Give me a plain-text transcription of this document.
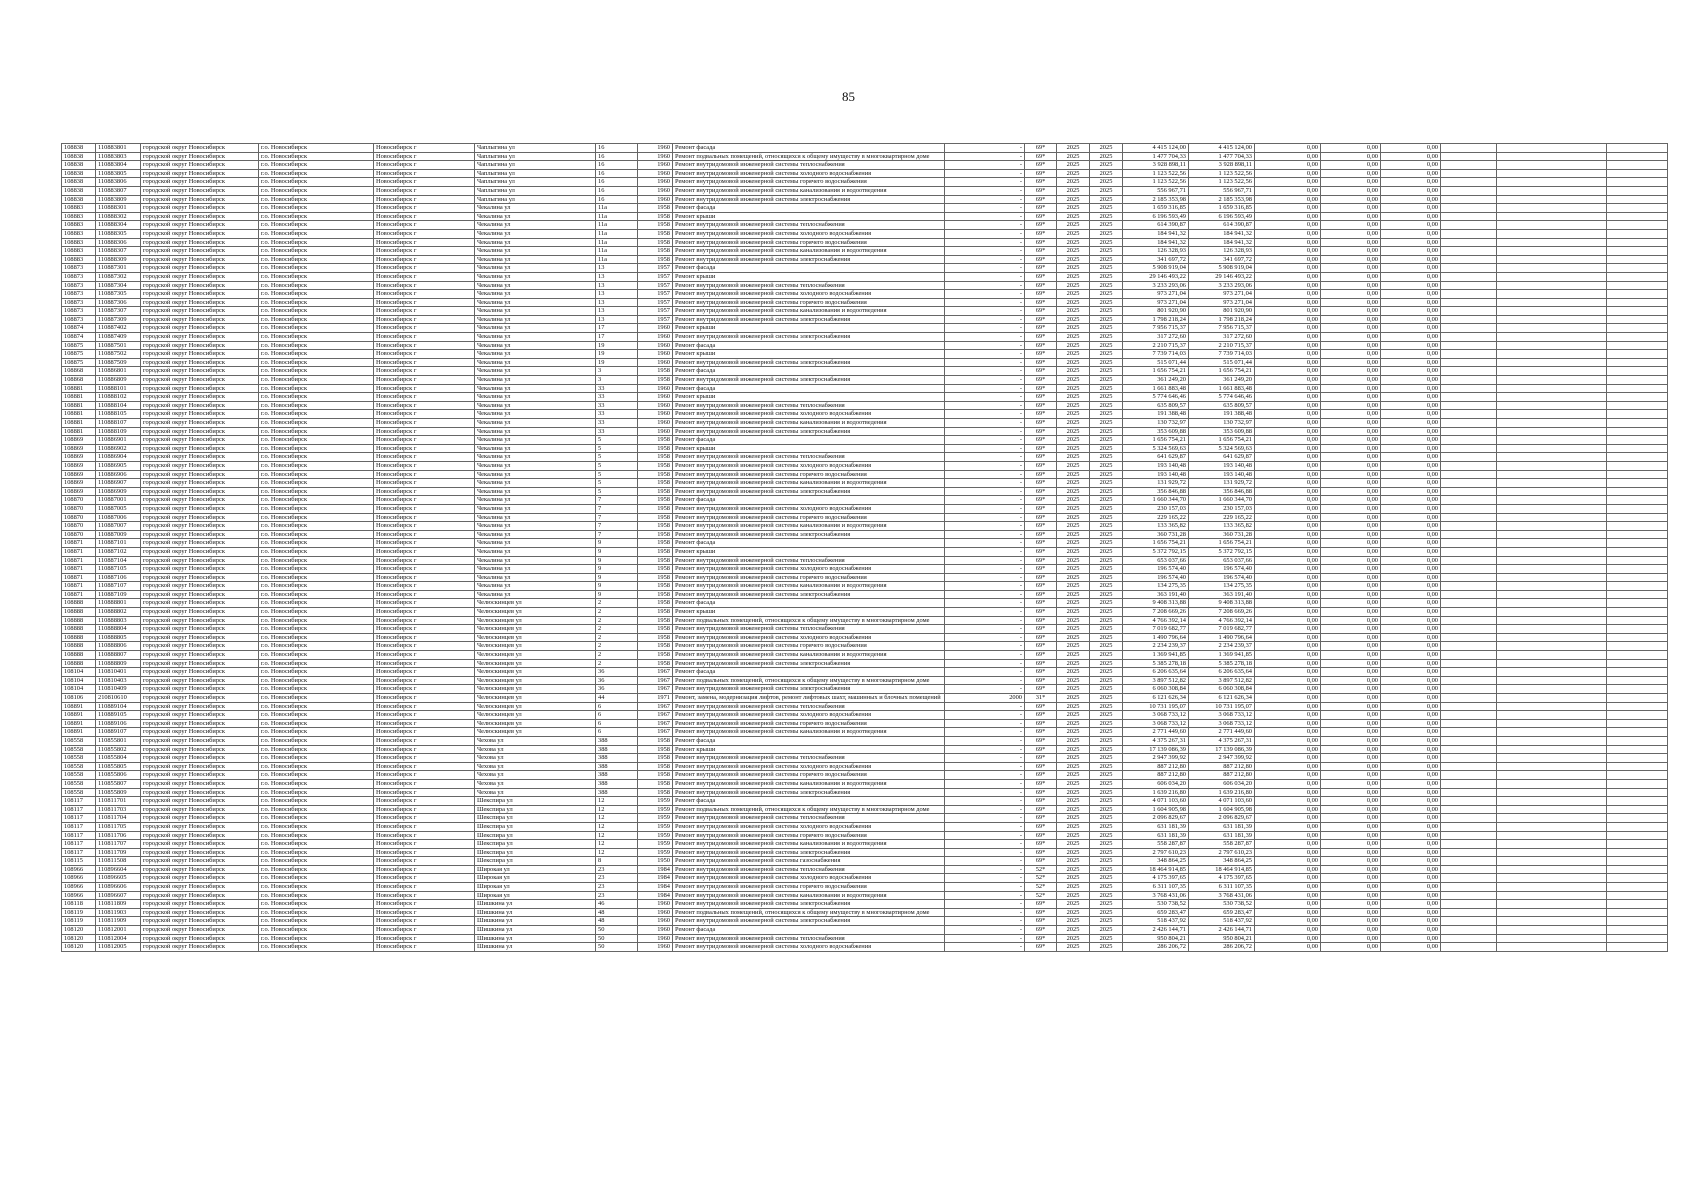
85
108838	110883801	городской округ Новосибирск	г.о. Новосибирск	Новосибирск г	Чаплыгина ул	16	1960	Ремонт фасада	-	69*	2025	2025	4 415 124,00	4 415 124,00	0,00	0,00	0,00			
108838	110883803	городской округ Новосибирск	г.о. Новосибирск	Новосибирск г	Чаплыгина ул	16	1960	Ремонт подвальных помещений, относящихся к общему имуществу в многоквартирном доме	-	69*	2025	2025	1 477 704,33	1 477 704,33	0,00	0,00	0,00			
108838	110883804	городской округ Новосибирск	г.о. Новосибирск	Новосибирск г	Чаплыгина ул	16	1960	Ремонт внутридомовой инженерной системы теплоснабжения	-	69*	2025	2025	3 928 898,11	3 928 898,11	0,00	0,00	0,00			
108838	110883805	городской округ Новосибирск	г.о. Новосибирск	Новосибирск г	Чаплыгина ул	16	1960	Ремонт внутридомовой инженерной системы холодного водоснабжения	-	69*	2025	2025	1 123 522,56	1 123 522,56	0,00	0,00	0,00			
108838	110883806	городской округ Новосибирск	г.о. Новосибирск	Новосибирск г	Чаплыгина ул	16	1960	Ремонт внутридомовой инженерной системы горячего водоснабжения	-	69*	2025	2025	1 123 522,56	1 123 522,56	0,00	0,00	0,00			
108838	110883807	городской округ Новосибирск	г.о. Новосибирск	Новосибирск г	Чаплыгина ул	16	1960	Ремонт внутридомовой инженерной системы канализования и водоотведения	-	69*	2025	2025	556 967,71	556 967,71	0,00	0,00	0,00			
108838	110883809	городской округ Новосибирск	г.о. Новосибирск	Новосибирск г	Чаплыгина ул	16	1960	Ремонт внутридомовой инженерной системы электроснабжения	-	69*	2025	2025	2 185 353,98	2 185 353,98	0,00	0,00	0,00			
108883	110888301	городской округ Новосибирск	г.о. Новосибирск	Новосибирск г	Чекалина ул	11а	1958	Ремонт фасада	-	69*	2025	2025	1 659 316,85	1 659 316,85	0,00	0,00	0,00			
108883	110888302	городской округ Новосибирск	г.о. Новосибирск	Новосибирск г	Чекалина ул	11а	1958	Ремонт крыши	-	69*	2025	2025	6 196 593,49	6 196 593,49	0,00	0,00	0,00			
108883	110888304	городской округ Новосибирск	г.о. Новосибирск	Новосибирск г	Чекалина ул	11а	1958	Ремонт внутридомовой инженерной системы теплоснабжения	-	69*	2025	2025	614 390,87	614 390,87	0,00	0,00	0,00			
108883	110888305	городской округ Новосибирск	г.о. Новосибирск	Новосибирск г	Чекалина ул	11а	1958	Ремонт внутридомовой инженерной системы холодного водоснабжения	-	69*	2025	2025	184 941,32	184 941,32	0,00	0,00	0,00			
108883	110888306	городской округ Новосибирск	г.о. Новосибирск	Новосибирск г	Чекалина ул	11а	1958	Ремонт внутридомовой инженерной системы горячего водоснабжения	-	69*	2025	2025	184 941,32	184 941,32	0,00	0,00	0,00			
108883	110888307	городской округ Новосибирск	г.о. Новосибирск	Новосибирск г	Чекалина ул	11а	1958	Ремонт внутридомовой инженерной системы канализования и водоотведения	-	69*	2025	2025	126 328,93	126 328,93	0,00	0,00	0,00			
108883	110888309	городской округ Новосибирск	г.о. Новосибирск	Новосибирск г	Чекалина ул	11а	1958	Ремонт внутридомовой инженерной системы электроснабжения	-	69*	2025	2025	341 697,72	341 697,72	0,00	0,00	0,00			
108873	110887301	городской округ Новосибирск	г.о. Новосибирск	Новосибирск г	Чекалина ул	13	1957	Ремонт фасада	-	69*	2025	2025	5 908 919,04	5 908 919,04	0,00	0,00	0,00			
108873	110887302	городской округ Новосибирск	г.о. Новосибирск	Новосибирск г	Чекалина ул	13	1957	Ремонт крыши	-	69*	2025	2025	29 146 493,22	29 146 493,22	0,00	0,00	0,00			
108873	110887304	городской округ Новосибирск	г.о. Новосибирск	Новосибирск г	Чекалина ул	13	1957	Ремонт внутридомовой инженерной системы теплоснабжения	-	69*	2025	2025	3 233 293,06	3 233 293,06	0,00	0,00	0,00			
108873	110887305	городской округ Новосибирск	г.о. Новосибирск	Новосибирск г	Чекалина ул	13	1957	Ремонт внутридомовой инженерной системы холодного водоснабжения	-	69*	2025	2025	973 271,04	973 271,04	0,00	0,00	0,00			
108873	110887306	городской округ Новосибирск	г.о. Новосибирск	Новосибирск г	Чекалина ул	13	1957	Ремонт внутридомовой инженерной системы горячего водоснабжения	-	69*	2025	2025	973 271,04	973 271,04	0,00	0,00	0,00			
108873	110887307	городской округ Новосибирск	г.о. Новосибирск	Новосибирск г	Чекалина ул	13	1957	Ремонт внутридомовой инженерной системы канализования и водоотведения	-	69*	2025	2025	801 920,90	801 920,90	0,00	0,00	0,00			
108873	110887309	городской округ Новосибирск	г.о. Новосибирск	Новосибирск г	Чекалина ул	13	1957	Ремонт внутридомовой инженерной системы электроснабжения	-	69*	2025	2025	1 798 218,24	1 798 218,24	0,00	0,00	0,00			
108874	110887402	городской округ Новосибирск	г.о. Новосибирск	Новосибирск г	Чекалина ул	17	1960	Ремонт крыши	-	69*	2025	2025	7 956 715,37	7 956 715,37	0,00	0,00	0,00			
108874	110887409	городской округ Новосибирск	г.о. Новосибирск	Новосибирск г	Чекалина ул	17	1960	Ремонт внутридомовой инженерной системы электроснабжения	-	69*	2025	2025	317 272,60	317 272,60	0,00	0,00	0,00			
108875	110887501	городской округ Новосибирск	г.о. Новосибирск	Новосибирск г	Чекалина ул	19	1960	Ремонт фасада	-	69*	2025	2025	2 210 715,37	2 210 715,37	0,00	0,00	0,00			
108875	110887502	городской округ Новосибирск	г.о. Новосибирск	Новосибирск г	Чекалина ул	19	1960	Ремонт крыши	-	69*	2025	2025	7 739 714,03	7 739 714,03	0,00	0,00	0,00			
108875	110887509	городской округ Новосибирск	г.о. Новосибирск	Новосибирск г	Чекалина ул	19	1960	Ремонт внутридомовой инженерной системы электроснабжения	-	69*	2025	2025	515 071,44	515 071,44	0,00	0,00	0,00			
108868	110886801	городской округ Новосибирск	г.о. Новосибирск	Новосибирск г	Чекалина ул	3	1958	Ремонт фасада	-	69*	2025	2025	1 656 754,21	1 656 754,21	0,00	0,00	0,00			
108868	110886809	городской округ Новосибирск	г.о. Новосибирск	Новосибирск г	Чекалина ул	3	1958	Ремонт внутридомовой инженерной системы электроснабжения	-	69*	2025	2025	361 249,20	361 249,20	0,00	0,00	0,00			
108881	110888101	городской округ Новосибирск	г.о. Новосибирск	Новосибирск г	Чекалина ул	33	1960	Ремонт фасада	-	69*	2025	2025	1 661 883,48	1 661 883,48	0,00	0,00	0,00			
108881	110888102	городской округ Новосибирск	г.о. Новосибирск	Новосибирск г	Чекалина ул	33	1960	Ремонт крыши	-	69*	2025	2025	5 774 646,46	5 774 646,46	0,00	0,00	0,00			
108881	110888104	городской округ Новосибирск	г.о. Новосибирск	Новосибирск г	Чекалина ул	33	1960	Ремонт внутридомовой инженерной системы теплоснабжения	-	69*	2025	2025	635 809,57	635 809,57	0,00	0,00	0,00			
108881	110888105	городской округ Новосибирск	г.о. Новосибирск	Новосибирск г	Чекалина ул	33	1960	Ремонт внутридомовой инженерной системы холодного водоснабжения	-	69*	2025	2025	191 388,48	191 388,48	0,00	0,00	0,00			
108881	110888107	городской округ Новосибирск	г.о. Новосибирск	Новосибирск г	Чекалина ул	33	1960	Ремонт внутридомовой инженерной системы канализования и водоотведения	-	69*	2025	2025	130 732,97	130 732,97	0,00	0,00	0,00			
108881	110888109	городской округ Новосибирск	г.о. Новосибирск	Новосибирск г	Чекалина ул	33	1960	Ремонт внутридомовой инженерной системы электроснабжения	-	69*	2025	2025	353 609,88	353 609,88	0,00	0,00	0,00			
108869	110886901	городской округ Новосибирск	г.о. Новосибирск	Новосибирск г	Чекалина ул	5	1958	Ремонт фасада	-	69*	2025	2025	1 656 754,21	1 656 754,21	0,00	0,00	0,00			
108869	110886902	городской округ Новосибирск	г.о. Новосибирск	Новосибирск г	Чекалина ул	5	1958	Ремонт крыши	-	69*	2025	2025	5 324 569,63	5 324 569,63	0,00	0,00	0,00			
108869	110886904	городской округ Новосибирск	г.о. Новосибирск	Новосибирск г	Чекалина ул	5	1958	Ремонт внутридомовой инженерной системы теплоснабжения	-	69*	2025	2025	641 629,87	641 629,87	0,00	0,00	0,00			
108869	110886905	городской округ Новосибирск	г.о. Новосибирск	Новосибирск г	Чекалина ул	5	1958	Ремонт внутридомовой инженерной системы холодного водоснабжения	-	69*	2025	2025	193 140,48	193 140,48	0,00	0,00	0,00			
108869	110886906	городской округ Новосибирск	г.о. Новосибирск	Новосибирск г	Чекалина ул	5	1958	Ремонт внутридомовой инженерной системы горячего водоснабжения	-	69*	2025	2025	193 140,48	193 140,48	0,00	0,00	0,00			
108869	110886907	городской округ Новосибирск	г.о. Новосибирск	Новосибирск г	Чекалина ул	5	1958	Ремонт внутридомовой инженерной системы канализования и водоотведения	-	69*	2025	2025	131 929,72	131 929,72	0,00	0,00	0,00			
108869	110886909	городской округ Новосибирск	г.о. Новосибирск	Новосибирск г	Чекалина ул	5	1958	Ремонт внутридомовой инженерной системы электроснабжения	-	69*	2025	2025	356 846,88	356 846,88	0,00	0,00	0,00			
108870	110887001	городской округ Новосибирск	г.о. Новосибирск	Новосибирск г	Чекалина ул	7	1958	Ремонт фасада	-	69*	2025	2025	1 660 344,70	1 660 344,70	0,00	0,00	0,00			
108870	110887005	городской округ Новосибирск	г.о. Новосибирск	Новосибирск г	Чекалина ул	7	1958	Ремонт внутридомовой инженерной системы холодного водоснабжения	-	69*	2025	2025	230 157,03	230 157,03	0,00	0,00	0,00			
108870	110887006	городской округ Новосибирск	г.о. Новосибирск	Новосибирск г	Чекалина ул	7	1958	Ремонт внутридомовой инженерной системы горячего водоснабжения	-	69*	2025	2025	229 165,22	229 165,22	0,00	0,00	0,00			
108870	110887007	городской округ Новосибирск	г.о. Новосибирск	Новосибирск г	Чекалина ул	7	1958	Ремонт внутридомовой инженерной системы канализования и водоотведения	-	69*	2025	2025	133 365,82	133 365,82	0,00	0,00	0,00			
108870	110887009	городской округ Новосибирск	г.о. Новосибирск	Новосибирск г	Чекалина ул	7	1958	Ремонт внутридомовой инженерной системы электроснабжения	-	69*	2025	2025	360 731,28	360 731,28	0,00	0,00	0,00			
108871	110887101	городской округ Новосибирск	г.о. Новосибирск	Новосибирск г	Чекалина ул	9	1958	Ремонт фасада	-	69*	2025	2025	1 656 754,21	1 656 754,21	0,00	0,00	0,00			
108871	110887102	городской округ Новосибирск	г.о. Новосибирск	Новосибирск г	Чекалина ул	9	1958	Ремонт крыши	-	69*	2025	2025	5 372 792,15	5 372 792,15	0,00	0,00	0,00			
108871	110887104	городской округ Новосибирск	г.о. Новосибирск	Новосибирск г	Чекалина ул	9	1958	Ремонт внутридомовой инженерной системы теплоснабжения	-	69*	2025	2025	653 037,66	653 037,66	0,00	0,00	0,00			
108871	110887105	городской округ Новосибирск	г.о. Новосибирск	Новосибирск г	Чекалина ул	9	1958	Ремонт внутридомовой инженерной системы холодного водоснабжения	-	69*	2025	2025	196 574,40	196 574,40	0,00	0,00	0,00			
108871	110887106	городской округ Новосибирск	г.о. Новосибирск	Новосибирск г	Чекалина ул	9	1958	Ремонт внутридомовой инженерной системы горячего водоснабжения	-	69*	2025	2025	196 574,40	196 574,40	0,00	0,00	0,00			
108871	110887107	городской округ Новосибирск	г.о. Новосибирск	Новосибирск г	Чекалина ул	9	1958	Ремонт внутридомовой инженерной системы канализования и водоотведения	-	69*	2025	2025	134 275,35	134 275,35	0,00	0,00	0,00			
108871	110887109	городской округ Новосибирск	г.о. Новосибирск	Новосибирск г	Чекалина ул	9	1958	Ремонт внутридомовой инженерной системы электроснабжения	-	69*	2025	2025	363 191,40	363 191,40	0,00	0,00	0,00			
108888	110888801	городской округ Новосибирск	г.о. Новосибирск	Новосибирск г	Челюскинцев ул	2	1958	Ремонт фасада	-	69*	2025	2025	9 408 313,88	9 408 313,88	0,00	0,00	0,00			
108888	110888802	городской округ Новосибирск	г.о. Новосибирск	Новосибирск г	Челюскинцев ул	2	1958	Ремонт крыши	-	69*	2025	2025	7 208 669,26	7 208 669,26	0,00	0,00	0,00			
108888	110888803	городской округ Новосибирск	г.о. Новосибирск	Новосибирск г	Челюскинцев ул	2	1958	Ремонт подвальных помещений, относящихся к общему имуществу в многоквартирном доме	-	69*	2025	2025	4 766 392,14	4 766 392,14	0,00	0,00	0,00			
108888	110888804	городской округ Новосибирск	г.о. Новосибирск	Новосибирск г	Челюскинцев ул	2	1958	Ремонт внутридомовой инженерной системы теплоснабжения	-	69*	2025	2025	7 019 682,77	7 019 682,77	0,00	0,00	0,00			
108888	110888805	городской округ Новосибирск	г.о. Новосибирск	Новосибирск г	Челюскинцев ул	2	1958	Ремонт внутридомовой инженерной системы холодного водоснабжения	-	69*	2025	2025	1 490 796,64	1 490 796,64	0,00	0,00	0,00			
108888	110888806	городской округ Новосибирск	г.о. Новосибирск	Новосибирск г	Челюскинцев ул	2	1958	Ремонт внутридомовой инженерной системы горячего водоснабжения	-	69*	2025	2025	2 234 239,37	2 234 239,37	0,00	0,00	0,00			
108888	110888807	городской округ Новосибирск	г.о. Новосибирск	Новосибирск г	Челюскинцев ул	2	1958	Ремонт внутридомовой инженерной системы канализования и водоотведения	-	69*	2025	2025	1 369 941,85	1 369 941,85	0,00	0,00	0,00			
108888	110888809	городской округ Новосибирск	г.о. Новосибирск	Новосибирск г	Челюскинцев ул	2	1958	Ремонт внутридомовой инженерной системы электроснабжения	-	69*	2025	2025	5 385 278,18	5 385 278,18	0,00	0,00	0,00			
108104	110810401	городской округ Новосибирск	г.о. Новосибирск	Новосибирск г	Челюскинцев ул	36	1967	Ремонт фасада	-	69*	2025	2025	6 206 635,64	6 206 635,64	0,00	0,00	0,00			
108104	110810403	городской округ Новосибирск	г.о. Новосибирск	Новосибирск г	Челюскинцев ул	36	1967	Ремонт подвальных помещений, относящихся к общему имуществу в многоквартирном доме	-	69*	2025	2025	3 897 512,82	3 897 512,82	0,00	0,00	0,00			
108104	110810409	городской округ Новосибирск	г.о. Новосибирск	Новосибирск г	Челюскинцев ул	36	1967	Ремонт внутридомовой инженерной системы электроснабжения	-	69*	2025	2025	6 060 308,84	6 060 308,84	0,00	0,00	0,00			
108106	210810610	городской округ Новосибирск	г.о. Новосибирск	Новосибирск г	Челюскинцев ул	44	1971	Ремонт, замена, модернизация лифтов, ремонт лифтовых шахт, машинных и блочных помещений	2000	31*	2025	2025	6 121 626,34	6 121 626,34	0,00	0,00	0,00			
108891	110889104	городской округ Новосибирск	г.о. Новосибирск	Новосибирск г	Челюскинцев ул	6	1967	Ремонт внутридомовой инженерной системы теплоснабжения	-	69*	2025	2025	10 731 195,07	10 731 195,07	0,00	0,00	0,00			
108891	110889105	городской округ Новосибирск	г.о. Новосибирск	Новосибирск г	Челюскинцев ул	6	1967	Ремонт внутридомовой инженерной системы холодного водоснабжения	-	69*	2025	2025	3 068 733,12	3 068 733,12	0,00	0,00	0,00			
108891	110889106	городской округ Новосибирск	г.о. Новосибирск	Новосибирск г	Челюскинцев ул	6	1967	Ремонт внутридомовой инженерной системы горячего водоснабжения	-	69*	2025	2025	3 068 733,12	3 068 733,12	0,00	0,00	0,00			
108891	110889107	городской округ Новосибирск	г.о. Новосибирск	Новосибирск г	Челюскинцев ул	6	1967	Ремонт внутридомовой инженерной системы канализования и водоотведения	-	69*	2025	2025	2 771 449,60	2 771 449,60	0,00	0,00	0,00			
108558	110855801	городской округ Новосибирск	г.о. Новосибирск	Новосибирск г	Чехова ул	388	1958	Ремонт фасада	-	69*	2025	2025	4 375 267,31	4 375 267,31	0,00	0,00	0,00			
108558	110855802	городской округ Новосибирск	г.о. Новосибирск	Новосибирск г	Чехова ул	388	1958	Ремонт крыши	-	69*	2025	2025	17 139 086,39	17 139 086,39	0,00	0,00	0,00			
108558	110855804	городской округ Новосибирск	г.о. Новосибирск	Новосибирск г	Чехова ул	388	1958	Ремонт внутридомовой инженерной системы теплоснабжения	-	69*	2025	2025	2 947 399,92	2 947 399,92	0,00	0,00	0,00			
108558	110855805	городской округ Новосибирск	г.о. Новосибирск	Новосибирск г	Чехова ул	388	1958	Ремонт внутридомовой инженерной системы холодного водоснабжения	-	69*	2025	2025	887 212,80	887 212,80	0,00	0,00	0,00			
108558	110855806	городской округ Новосибирск	г.о. Новосибирск	Новосибирск г	Чехова ул	388	1958	Ремонт внутридомовой инженерной системы горячего водоснабжения	-	69*	2025	2025	887 212,80	887 212,80	0,00	0,00	0,00			
108558	110855807	городской округ Новосибирск	г.о. Новосибирск	Новосибирск г	Чехова ул	388	1958	Ремонт внутридомовой инженерной системы канализования и водоотведения	-	69*	2025	2025	606 034,20	606 034,20	0,00	0,00	0,00			
108558	110855809	городской округ Новосибирск	г.о. Новосибирск	Новосибирск г	Чехова ул	388	1958	Ремонт внутридомовой инженерной системы электроснабжения	-	69*	2025	2025	1 639 216,80	1 639 216,80	0,00	0,00	0,00			
108117	110811701	городской округ Новосибирск	г.о. Новосибирск	Новосибирск г	Шекспира ул	12	1959	Ремонт фасада	-	69*	2025	2025	4 071 103,60	4 071 103,60	0,00	0,00	0,00			
108117	110811703	городской округ Новосибирск	г.о. Новосибирск	Новосибирск г	Шекспира ул	12	1959	Ремонт подвальных помещений, относящихся к общему имуществу в многоквартирном доме	-	69*	2025	2025	1 604 905,98	1 604 905,98	0,00	0,00	0,00			
108117	110811704	городской округ Новосибирск	г.о. Новосибирск	Новосибирск г	Шекспира ул	12	1959	Ремонт внутридомовой инженерной системы теплоснабжения	-	69*	2025	2025	2 096 829,67	2 096 829,67	0,00	0,00	0,00			
108117	110811705	городской округ Новосибирск	г.о. Новосибирск	Новосибирск г	Шекспира ул	12	1959	Ремонт внутридомовой инженерной системы холодного водоснабжения	-	69*	2025	2025	631 181,39	631 181,39	0,00	0,00	0,00			
108117	110811706	городской округ Новосибирск	г.о. Новосибирск	Новосибирск г	Шекспира ул	12	1959	Ремонт внутридомовой инженерной системы горячего водоснабжения	-	69*	2025	2025	631 181,39	631 181,39	0,00	0,00	0,00			
108117	110811707	городской округ Новосибирск	г.о. Новосибирск	Новосибирск г	Шекспира ул	12	1959	Ремонт внутридомовой инженерной системы канализования и водоотведения	-	69*	2025	2025	558 287,87	558 287,87	0,00	0,00	0,00			
108117	110811709	городской округ Новосибирск	г.о. Новосибирск	Новосибирск г	Шекспира ул	12	1959	Ремонт внутридомовой инженерной системы электроснабжения	-	69*	2025	2025	2 797 610,23	2 797 610,23	0,00	0,00	0,00			
108115	110811508	городской округ Новосибирск	г.о. Новосибирск	Новосибирск г	Шекспира ул	8	1950	Ремонт внутридомовой инженерной системы газоснабжения	-	69*	2025	2025	348 864,25	348 864,25	0,00	0,00	0,00			
108966	110896604	городской округ Новосибирск	г.о. Новосибирск	Новосибирск г	Широкая ул	23	1984	Ремонт внутридомовой инженерной системы теплоснабжения	-	52*	2025	2025	18 464 914,85	18 464 914,85	0,00	0,00	0,00			
108966	110896605	городской округ Новосибирск	г.о. Новосибирск	Новосибирск г	Широкая ул	23	1984	Ремонт внутридомовой инженерной системы холодного водоснабжения	-	52*	2025	2025	4 175 397,65	4 175 397,65	0,00	0,00	0,00			
108966	110896606	городской округ Новосибирск	г.о. Новосибирск	Новосибирск г	Широкая ул	23	1984	Ремонт внутридомовой инженерной системы горячего водоснабжения	-	52*	2025	2025	6 311 107,35	6 311 107,35	0,00	0,00	0,00			
108966	110896607	городской округ Новосибирск	г.о. Новосибирск	Новосибирск г	Широкая ул	23	1984	Ремонт внутридомовой инженерной системы канализования и водоотведения	-	52*	2025	2025	3 768 431,06	3 768 431,06	0,00	0,00	0,00			
108118	110811809	городской округ Новосибирск	г.о. Новосибирск	Новосибирск г	Шишкина ул	46	1960	Ремонт внутридомовой инженерной системы электроснабжения	-	69*	2025	2025	530 738,52	530 738,52	0,00	0,00	0,00			
108119	110811903	городской округ Новосибирск	г.о. Новосибирск	Новосибирск г	Шишкина ул	48	1960	Ремонт подвальных помещений, относящихся к общему имуществу в многоквартирном доме	-	69*	2025	2025	659 283,47	659 283,47	0,00	0,00	0,00			
108119	110811909	городской округ Новосибирск	г.о. Новосибирск	Новосибирск г	Шишкина ул	48	1960	Ремонт внутридомовой инженерной системы электроснабжения	-	69*	2025	2025	518 437,92	518 437,92	0,00	0,00	0,00			
108120	110812001	городской округ Новосибирск	г.о. Новосибирск	Новосибирск г	Шишкина ул	50	1960	Ремонт фасада	-	69*	2025	2025	2 426 144,71	2 426 144,71	0,00	0,00	0,00			
108120	110812004	городской округ Новосибирск	г.о. Новосибирск	Новосибирск г	Шишкина ул	50	1960	Ремонт внутридомовой инженерной системы теплоснабжения	-	69*	2025	2025	950 804,21	950 804,21	0,00	0,00	0,00			
108120	110812005	городской округ Новосибирск	г.о. Новосибирск	Новосибирск г	Шишкина ул	50	1960	Ремонт внутридомовой инженерной системы холодного водоснабжения	-	69*	2025	2025	286 206,72	286 206,72	0,00	0,00	0,00			
